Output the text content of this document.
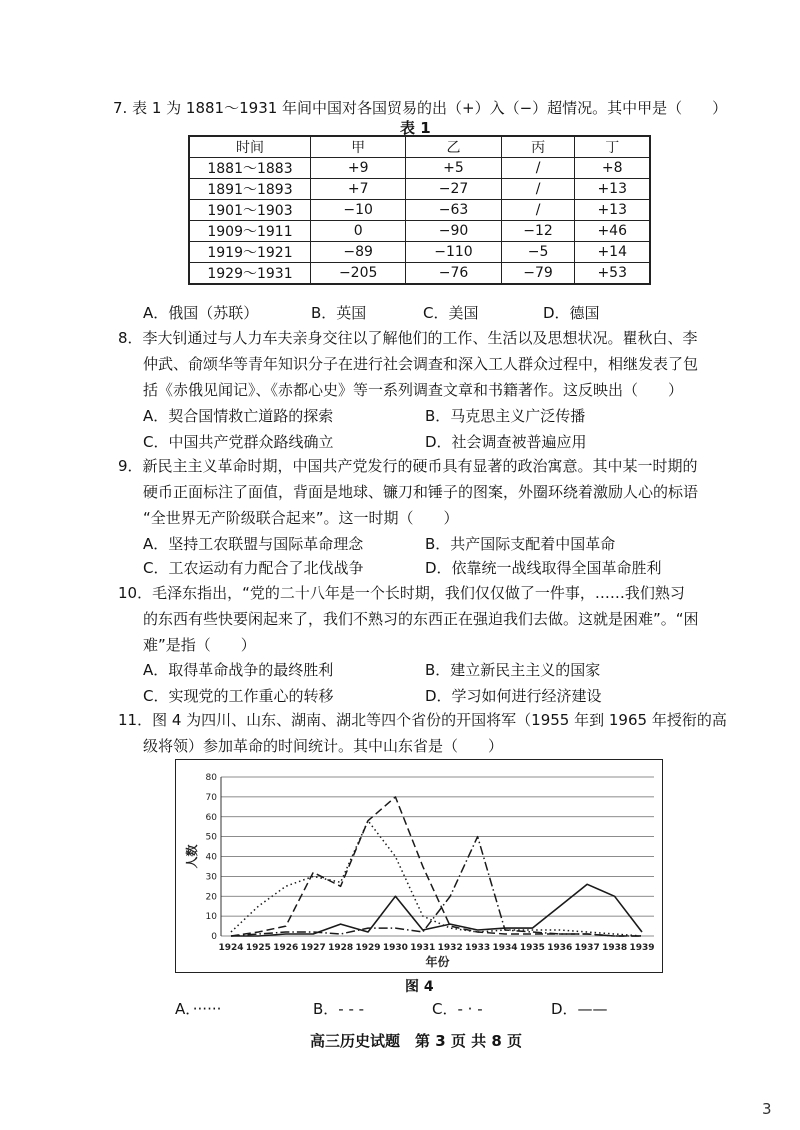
7. 表 1 为 1881～1931 年间中国对各国贸易的出（+）入（−）超情况。其中甲是（　　）
表 1
时间	甲	乙	丙	丁
1881～1883	+9	+5	/	+8
1891～1893	+7	−27	/	+13
1901～1903	−10	−63	/	+13
1909～1911	0	−90	−12	+46
1919～1921	−89	−110	−5	+14
1929～1931	−205	−76	−79	+53
A．俄国（苏联）	B．英国	C．美国	D．德国
8．李大钊通过与人力车夫亲身交往以了解他们的工作、生活以及思想状况。瞿秋白、李
仲武、俞颂华等青年知识分子在进行社会调查和深入工人群众过程中，相继发表了包
括《赤俄见闻记》、《赤都心史》等一系列调查文章和书籍著作。这反映出（　　）
A．契合国情救亡道路的探索	B．马克思主义广泛传播
C．中国共产党群众路线确立	D．社会调查被普遍应用
9．新民主主义革命时期，中国共产党发行的硬币具有显著的政治寓意。其中某一时期的
硬币正面标注了面值，背面是地球、镰刀和锤子的图案，外圈环绕着激励人心的标语
“全世界无产阶级联合起来”。这一时期（　　）
A．坚持工农联盟与国际革命理念	B．共产国际支配着中国革命
C．工农运动有力配合了北伐战争	D．依靠统一战线取得全国革命胜利
10．毛泽东指出，“党的二十八年是一个长时期，我们仅仅做了一件事，……我们熟习
的东西有些快要闲起来了，我们不熟习的东西正在强迫我们去做。这就是困难”。“困
难”是指（　　）
A．取得革命战争的最终胜利	B．建立新民主主义的国家
C．实现党的工作重心的转移	D．学习如何进行经济建设
11．图 4 为四川、山东、湖南、湖北等四个省份的开国将军（1955 年到 1965 年授衔的高
级将领）参加革命的时间统计。其中山东省是（　　）
0
10
20
30
40
50
60
70
80
1924 1925 1926 1927 1928 1929 1930 1931 1932 1933 1934 1935 1936 1937 1938 1939
年份
人数
图 4
A．······	B．- - -	C．- · -	D．——
高三历史试题　第 3 页 共 8 页
3
